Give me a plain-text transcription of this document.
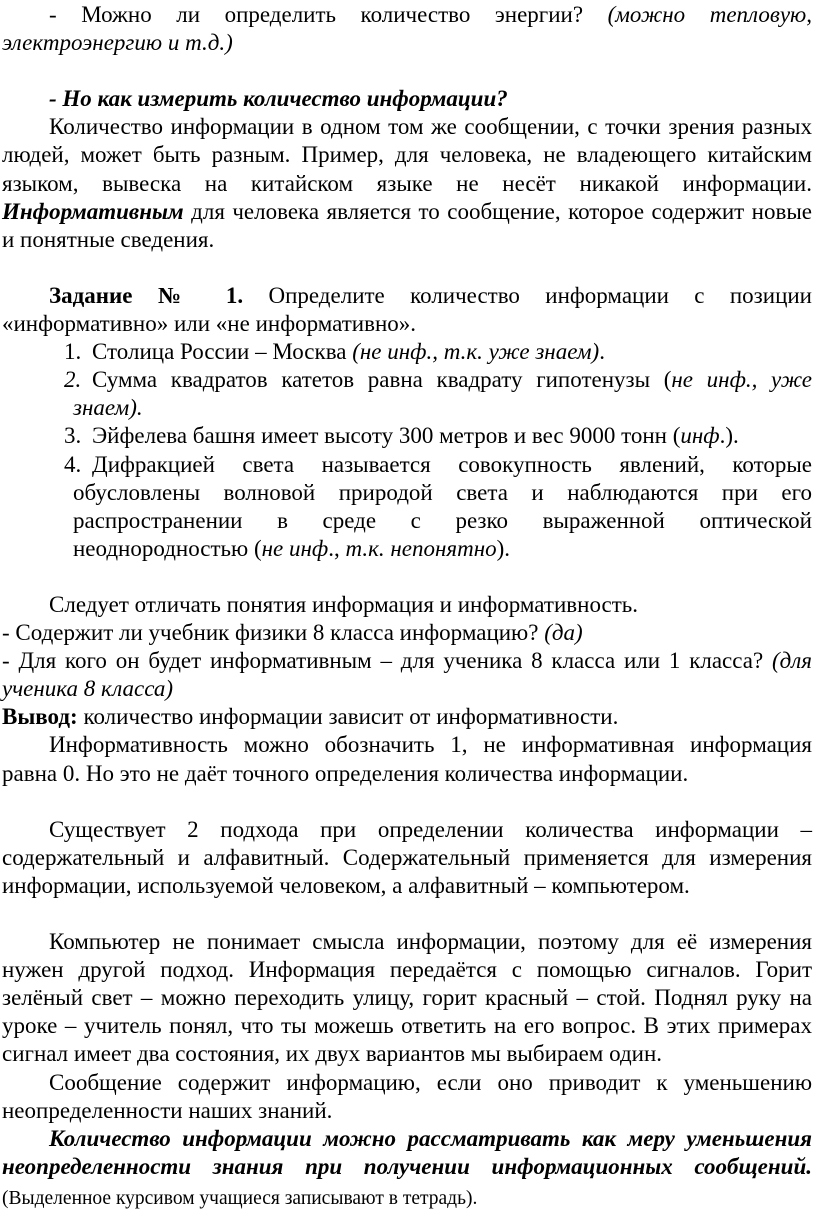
- Можно ли определить количество энергии? (можно тепловую, электроэнергию и т.д.)

- Но как измерить количество информации?

Количество информации в одном том же сообщении, с точки зрения разных людей, может быть разным. Пример, для человека, не владеющего китайским языком, вывеска на китайском языке не несёт никакой информации. Информативным для человека является то сообщение, которое содержит новые и понятные сведения.

Задание № 1. Определите количество информации с позиции «информативно» или «не информативно».

1. Столица России – Москва (не инф., т.к. уже знаем).
2. Сумма квадратов катетов равна квадрату гипотенузы (не инф., уже знаем).
3. Эйфелева башня имеет высоту 300 метров и вес 9000 тонн (инф.).
4. Дифракцией света называется совокупность явлений, которые обусловлены волновой природой света и наблюдаются при его распространении в среде с резко выраженной оптической неоднородностью (не инф., т.к. непонятно).

Следует отличать понятия информация и информативность.

- Содержит ли учебник физики 8 класса информацию? (да)

- Для кого он будет информативным – для ученика 8 класса или 1 класса? (для ученика 8 класса)

Вывод: количество информации зависит от информативности.

Информативность можно обозначить 1, не информативная информация равна 0. Но это не даёт точного определения количества информации.

Существует 2 подхода при определении количества информации – содержательный и алфавитный. Содержательный применяется для измерения информации, используемой человеком, а алфавитный – компьютером.

Компьютер не понимает смысла информации, поэтому для её измерения нужен другой подход. Информация передаётся с помощью сигналов. Горит зелёный свет – можно переходить улицу, горит красный – стой. Поднял руку на уроке – учитель понял, что ты можешь ответить на его вопрос. В этих примерах сигнал имеет два состояния, их двух вариантов мы выбираем один.

Сообщение содержит информацию, если оно приводит к уменьшению неопределенности наших знаний.

Количество информации можно рассматривать как меру уменьшения неопределенности знания при получении информационных сообщений. (Выделенное курсивом учащиеся записывают в тетрадь).
